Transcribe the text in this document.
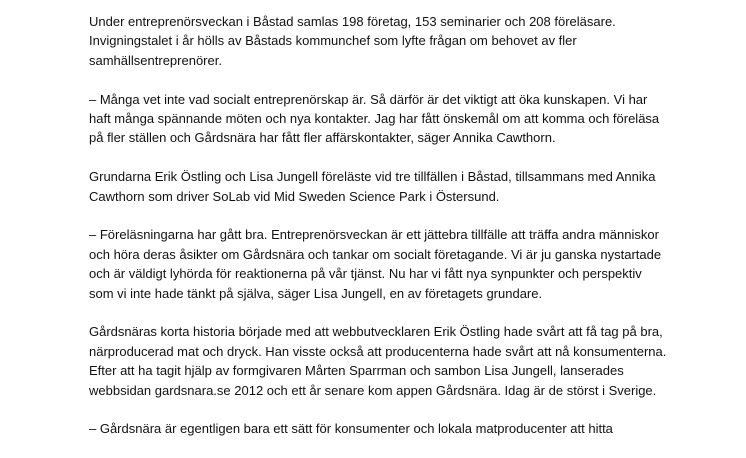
Under entreprenörsveckan i Båstad samlas 198 företag, 153 seminarier och 208 föreläsare.
Invigningstalet i år hölls av Båstads kommunchef som lyfte frågan om behovet av fler
samhällsentreprenörer.

– Många vet inte vad socialt entreprenörskap är. Så därför är det viktigt att öka kunskapen. Vi har
haft många spännande möten och nya kontakter. Jag har fått önskemål om att komma och föreläsa
på fler ställen och Gårdsnära har fått fler affärskontakter, säger Annika Cawthorn.

Grundarna Erik Östling och Lisa Jungell föreläste vid tre tillfällen i Båstad, tillsammans med Annika
Cawthorn som driver SoLab vid Mid Sweden Science Park i Östersund.

– Föreläsningarna har gått bra. Entreprenörsveckan är ett jättebra tillfälle att träffa andra människor
och höra deras åsikter om Gårdsnära och tankar om socialt företagande. Vi är ju ganska nystartade
och är väldigt lyhörda för reaktionerna på vår tjänst. Nu har vi fått nya synpunkter och perspektiv
som vi inte hade tänkt på själva, säger Lisa Jungell, en av företagets grundare.

Gårdsnäras korta historia började med att webbutvecklaren Erik Östling hade svårt att få tag på bra,
närproducerad mat och dryck. Han visste också att producenterna hade svårt att nå konsumenterna.
Efter att ha tagit hjälp av formgivaren Mårten Sparrman och sambon Lisa Jungell, lanserades
webbsidan gardsnara.se 2012 och ett år senare kom appen Gårdsnära. Idag är de störst i Sverige.

– Gårdsnära är egentligen bara ett sätt för konsumenter och lokala matproducenter att hitta
